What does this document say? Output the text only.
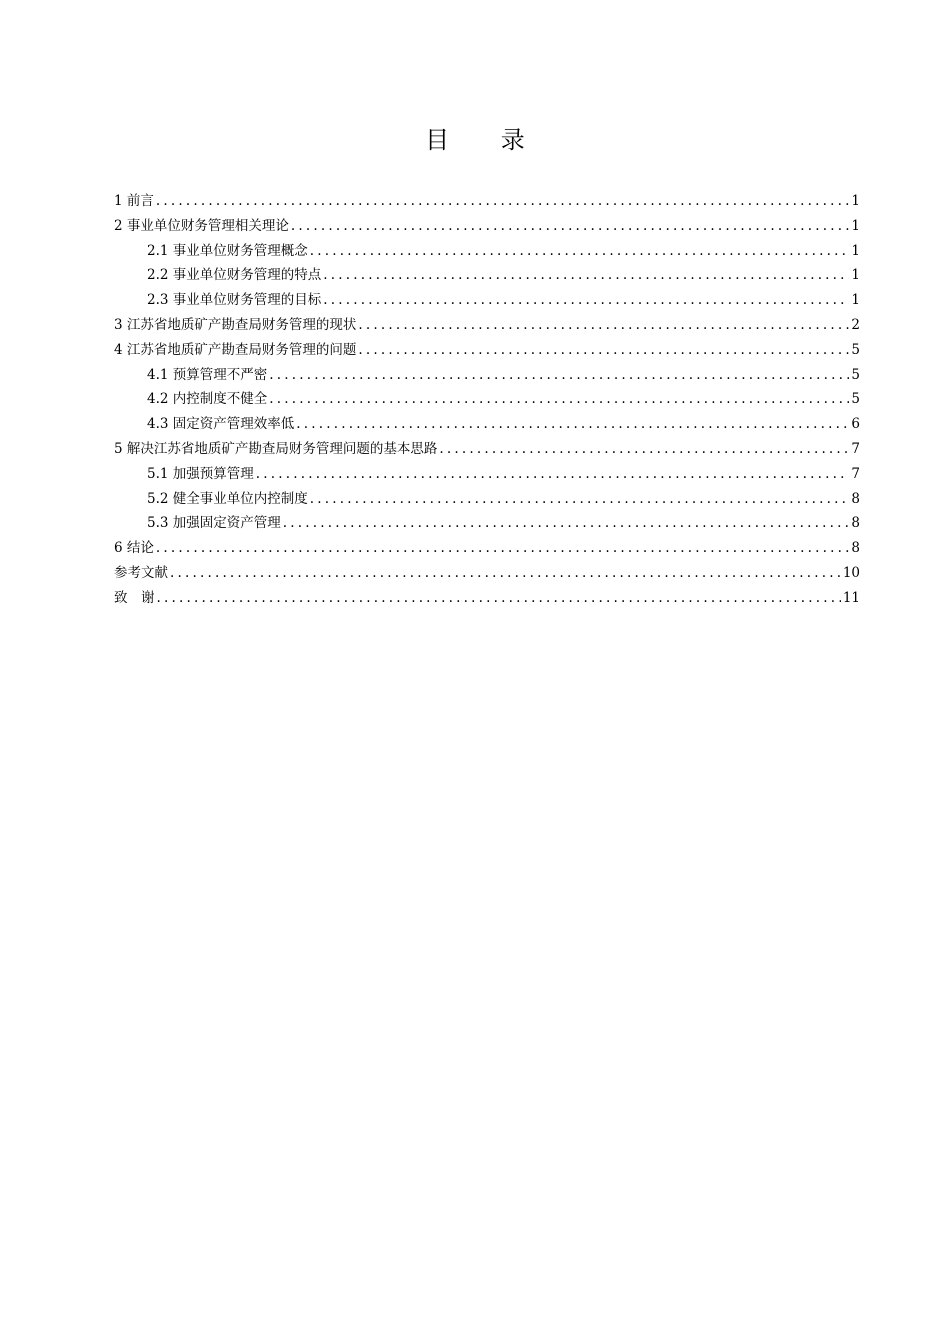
目 录
1 前言 .....	1
2 事业单位财务管理相关理论 .....	1
2.1 事业单位财务管理概念 .....	1
2.2 事业单位财务管理的特点 .....	1
2.3 事业单位财务管理的目标 .....	1
3 江苏省地质矿产勘查局财务管理的现状 .....	2
4 江苏省地质矿产勘查局财务管理的问题 .....	5
4.1 预算管理不严密 .....	5
4.2 内控制度不健全 .....	5
4.3 固定资产管理效率低 .....	6
5 解决江苏省地质矿产勘查局财务管理问题的基本思路 .....	7
5.1 加强预算管理 .....	7
5.2 健全事业单位内控制度 .....	8
5.3 加强固定资产管理 .....	8
6 结论 .....	8
参考文献 .....	10
致　谢 .....	11
